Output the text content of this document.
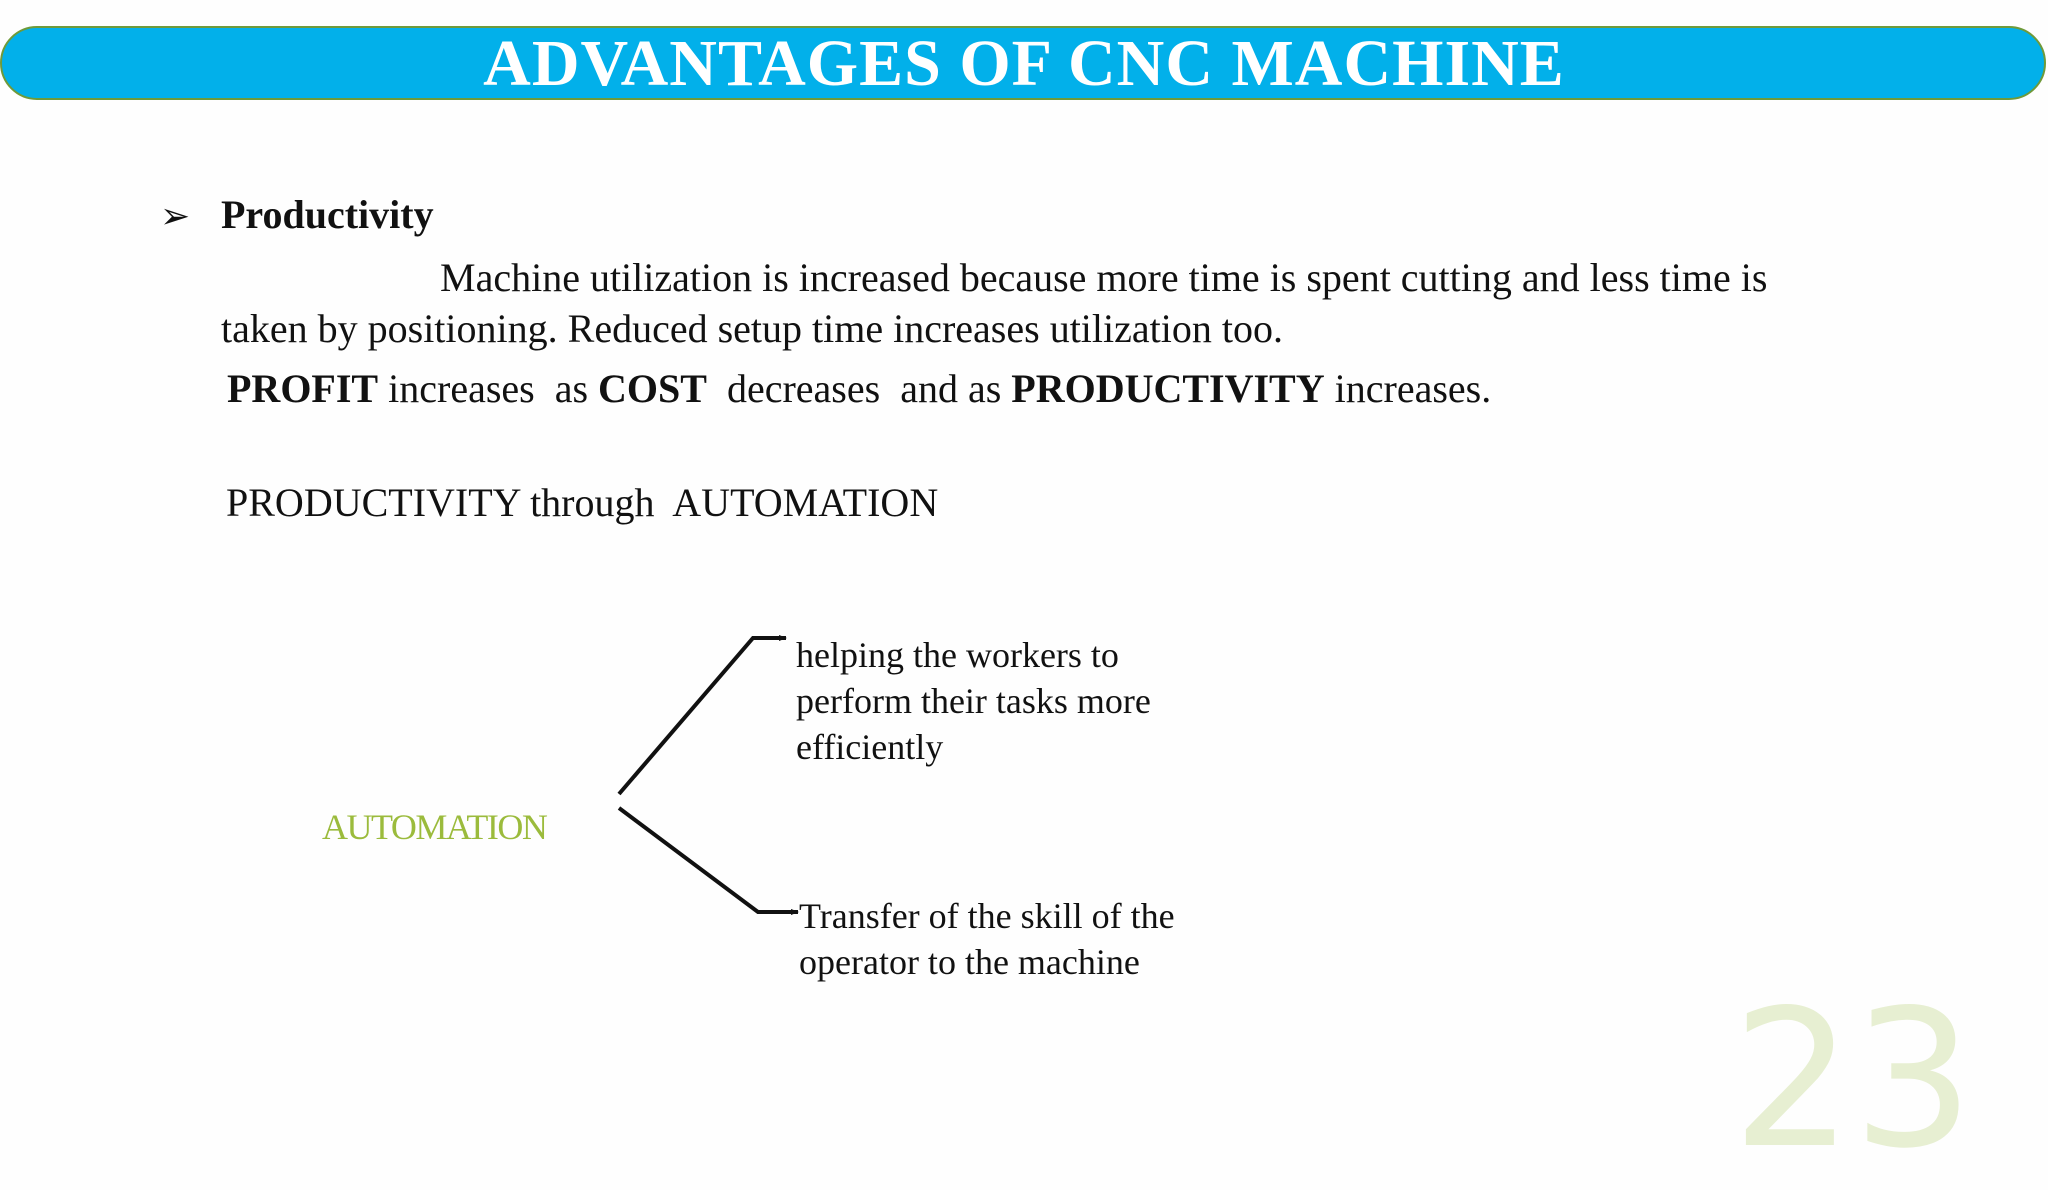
ADVANTAGES OF CNC MACHINE
➢ Productivity
Machine utilization is increased because more time is spent cutting and less time is taken by positioning. Reduced setup time increases utilization too.
PROFIT increases  as COST  decreases  and as PRODUCTIVITY increases.
PRODUCTIVITY through  AUTOMATION
AUTOMATION
helping the workers to perform their tasks more efficiently
Transfer of the skill of the operator to the machine
23
